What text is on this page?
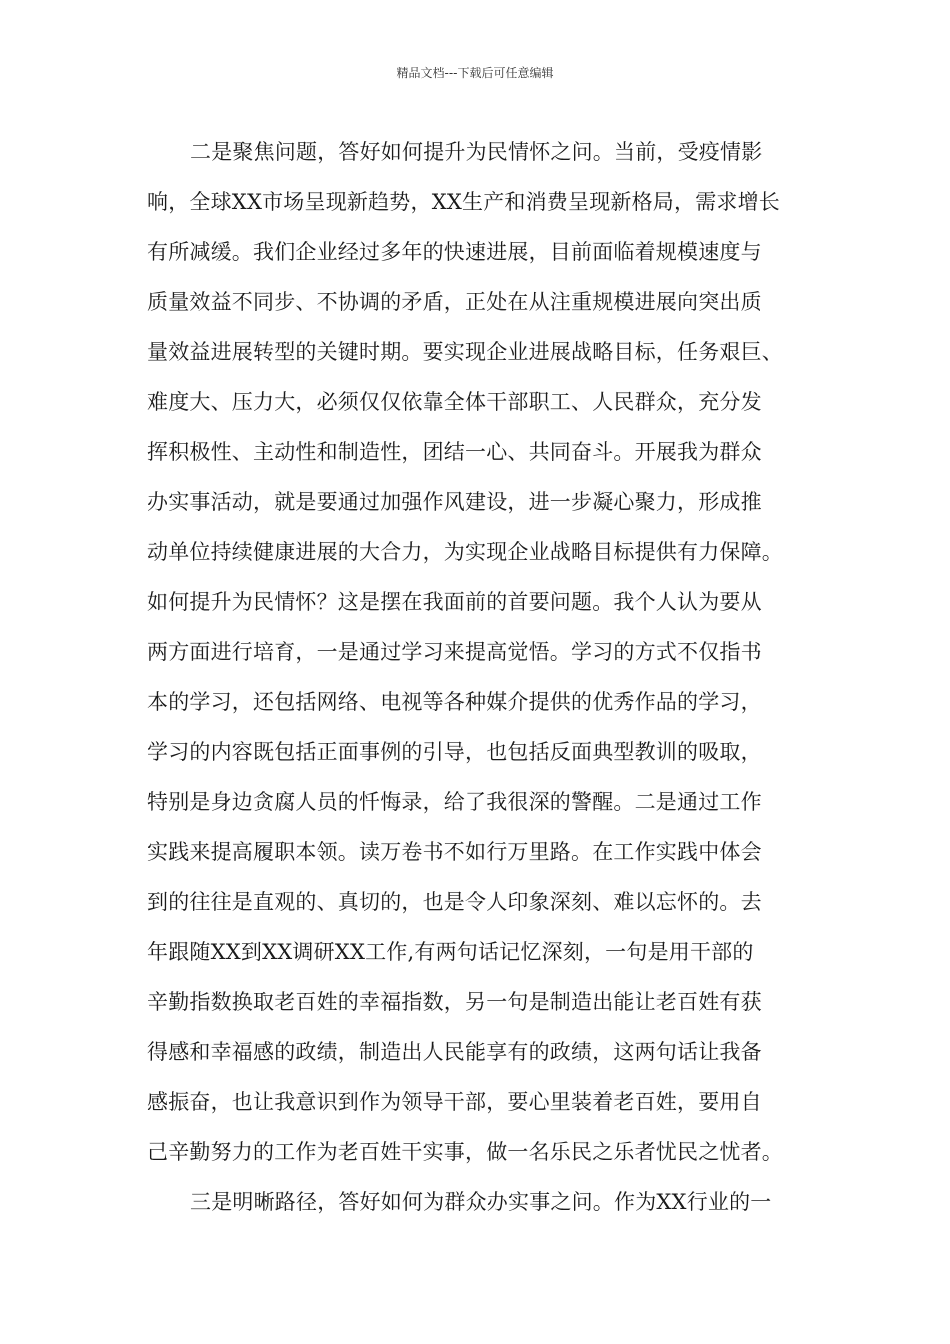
精品文档---下载后可任意编辑
二是聚焦问题，答好如何提升为民情怀之问。当前，受疫情影
响，全球XX市场呈现新趋势，XX生产和消费呈现新格局，需求增长
有所减缓。我们企业经过多年的快速进展，目前面临着规模速度与
质量效益不同步、不协调的矛盾，正处在从注重规模进展向突出质
量效益进展转型的关键时期。要实现企业进展战略目标，任务艰巨、
难度大、压力大，必须仅仅依靠全体干部职工、人民群众，充分发
挥积极性、主动性和制造性，团结一心、共同奋斗。开展我为群众
办实事活动，就是要通过加强作风建设，进一步凝心聚力，形成推
动单位持续健康进展的大合力，为实现企业战略目标提供有力保障。
如何提升为民情怀？这是摆在我面前的首要问题。我个人认为要从
两方面进行培育，一是通过学习来提高觉悟。学习的方式不仅指书
本的学习，还包括网络、电视等各种媒介提供的优秀作品的学习，
学习的内容既包括正面事例的引导，也包括反面典型教训的吸取，
特别是身边贪腐人员的忏悔录，给了我很深的警醒。二是通过工作
实践来提高履职本领。读万卷书不如行万里路。在工作实践中体会
到的往往是直观的、真切的，也是令人印象深刻、难以忘怀的。去
年跟随XX到XX调研XX工作,有两句话记忆深刻，一句是用干部的
辛勤指数换取老百姓的幸福指数，另一句是制造出能让老百姓有获
得感和幸福感的政绩，制造出人民能享有的政绩，这两句话让我备
感振奋，也让我意识到作为领导干部，要心里装着老百姓，要用自
己辛勤努力的工作为老百姓干实事，做一名乐民之乐者忧民之忧者。
三是明晰路径，答好如何为群众办实事之问。作为XX行业的一
